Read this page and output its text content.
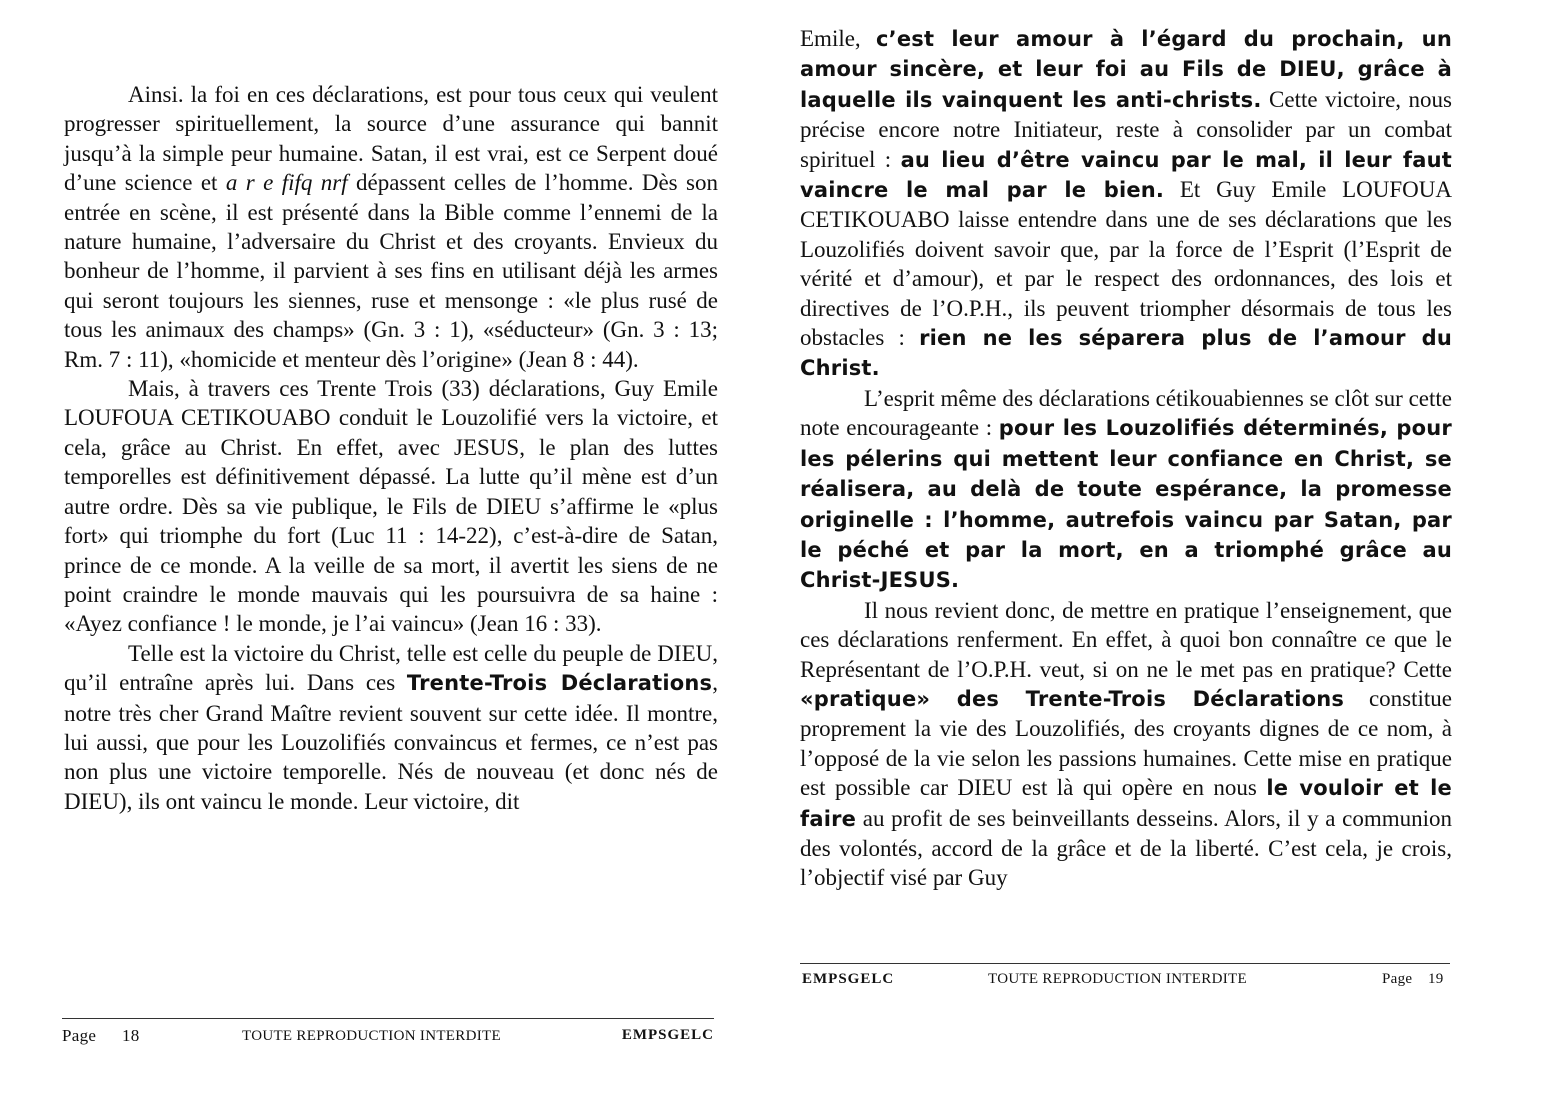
Ainsi. la foi en ces déclarations, est pour tous ceux qui veulent progresser spirituellement, la source d’une assurance qui bannit jusqu’à la simple peur humaine. Satan, il est vrai, est ce Serpent doué d’une science et a r e fifq nrf dépassent celles de l’homme. Dès son entrée en scène, il est présenté dans la Bible comme l’ennemi de la nature humaine, l’adversaire du Christ et des croyants. Envieux du bonheur de l’homme, il parvient à ses fins en utilisant déjà les armes qui seront toujours les siennes, ruse et mensonge : «le plus rusé de tous les animaux des champs» (Gn. 3 : 1), «séducteur» (Gn. 3 : 13; Rm. 7 : 11), «homicide et menteur dès l’origine» (Jean 8 : 44).

Mais, à travers ces Trente Trois (33) déclarations, Guy Emile LOUFOUA CETIKOUABO conduit le Louzolifié vers la victoire, et cela, grâce au Christ. En effet, avec JESUS, le plan des luttes temporelles est définitivement dépassé. La lutte qu’il mène est d’un autre ordre. Dès sa vie publique, le Fils de DIEU s’affirme le «plus fort» qui triomphe du fort (Luc 11 : 14-22), c’est-à-dire de Satan, prince de ce monde. A la veille de sa mort, il avertit les siens de ne point craindre le monde mauvais qui les poursuivra de sa haine : «Ayez confiance ! le monde, je l’ai vaincu» (Jean 16 : 33).

Telle est la victoire du Christ, telle est celle du peuple de DIEU, qu’il entraîne après lui. Dans ces Trente-Trois Déclarations, notre très cher Grand Maître revient souvent sur cette idée. Il montre, lui aussi, que pour les Louzolifiés convaincus et fermes, ce n’est pas non plus une victoire temporelle. Nés de nouveau (et donc nés de DIEU), ils ont vaincu le monde. Leur victoire, dit

Emile, c’est leur amour à l’égard du prochain, un amour sincère, et leur foi au Fils de DIEU, grâce à laquelle ils vainquent les anti-christs. Cette victoire, nous précise encore notre Initiateur, reste à consolider par un combat spirituel : au lieu d’être vaincu par le mal, il leur faut vaincre le mal par le bien. Et Guy Emile LOUFOUA CETIKOUABO laisse entendre dans une de ses déclarations que les Louzolifiés doivent savoir que, par la force de l’Esprit (l’Esprit de vérité et d’amour), et par le respect des ordonnances, des lois et directives de l’O.P.H., ils peuvent triompher désormais de tous les obstacles : rien ne les séparera plus de l’amour du Christ.

L’esprit même des déclarations cétikouabiennes se clôt sur cette note encourageante : pour les Louzolifiés déterminés, pour les pélerins qui mettent leur confiance en Christ, se réalisera, au delà de toute espérance, la promesse originelle : l’homme, autrefois vaincu par Satan, par le péché et par la mort, en a triomphé grâce au Christ-JESUS.

Il nous revient donc, de mettre en pratique l’enseignement, que ces déclarations renferment. En effet, à quoi bon connaître ce que le Représentant de l’O.P.H. veut, si on ne le met pas en pratique? Cette «pratique» des Trente-Trois Déclarations constitue proprement la vie des Louzolifiés, des croyants dignes de ce nom, à l’opposé de la vie selon les passions humaines. Cette mise en pratique est possible car DIEU est là qui opère en nous le vouloir et le faire au profit de ses beinveillants desseins. Alors, il y a communion des volontés, accord de la grâce et de la liberté. C’est cela, je crois, l’objectif visé par Guy

Page 18	TOUTE REPRODUCTION INTERDITE	EMPSGELC
EMPSGELC	TOUTE REPRODUCTION INTERDITE	Page 19
